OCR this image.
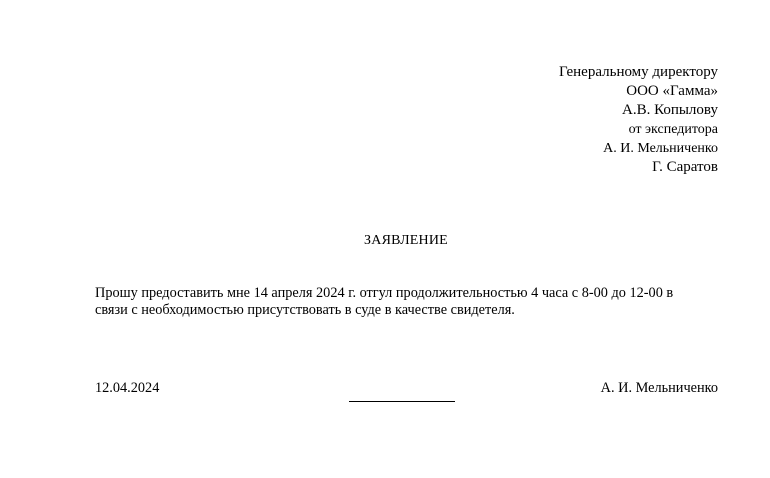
Генеральному директору
ООО «Гамма»
А.В. Копылову
от экспедитора
А. И. Мельниченко
Г. Саратов
ЗАЯВЛЕНИЕ
Прошу предоставить мне 14 апреля 2024 г. отгул продолжительностью 4 часа с 8-00 до 12-00 в
связи с необходимостью присутствовать в суде в качестве свидетеля.
12.04.2024	А. И. Мельниченко
